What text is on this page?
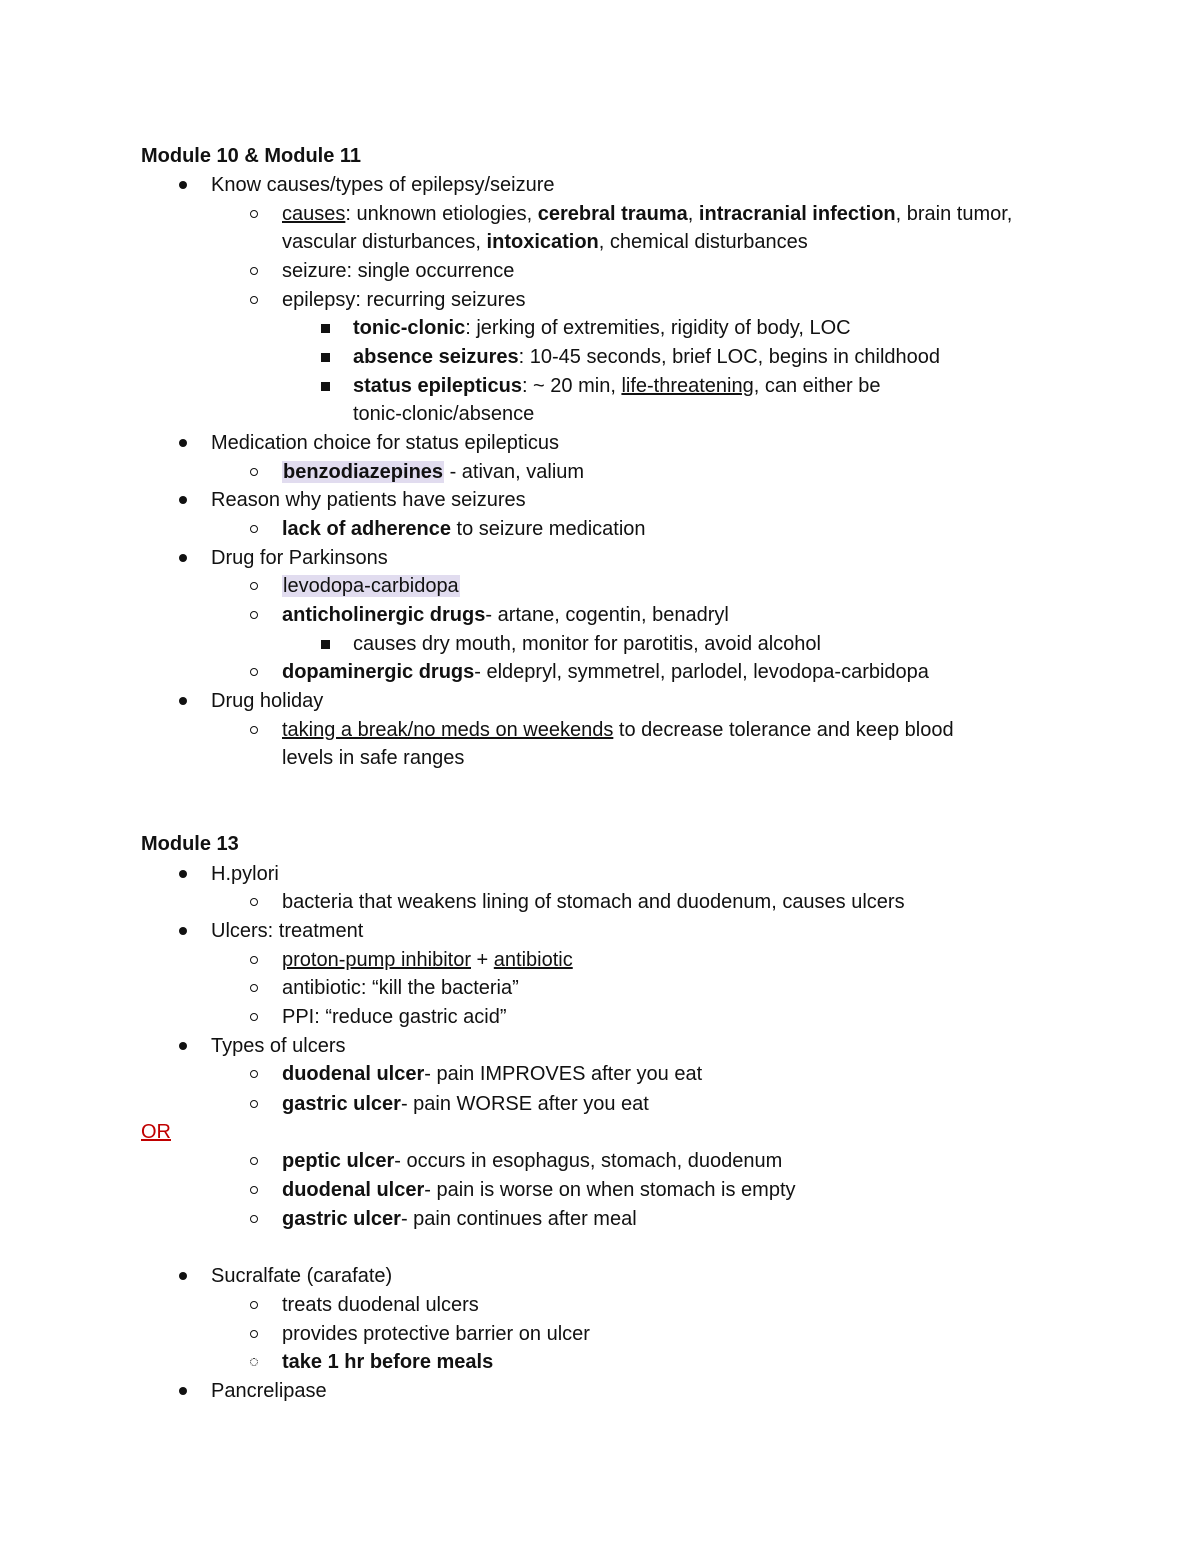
Module 10 & Module 11
Know causes/types of epilepsy/seizure
causes: unknown etiologies, cerebral trauma, intracranial infection, brain tumor,
vascular disturbances, intoxication, chemical disturbances
seizure: single occurrence
epilepsy: recurring seizures
tonic-clonic: jerking of extremities, rigidity of body, LOC
absence seizures: 10-45 seconds, brief LOC, begins in childhood
status epilepticus: ~ 20 min, life-threatening, can either be
tonic-clonic/absence
Medication choice for status epilepticus
benzodiazepines - ativan, valium
Reason why patients have seizures
lack of adherence to seizure medication
Drug for Parkinsons
levodopa-carbidopa
anticholinergic drugs- artane, cogentin, benadryl
causes dry mouth, monitor for parotitis, avoid alcohol
dopaminergic drugs- eldepryl, symmetrel, parlodel, levodopa-carbidopa
Drug holiday
taking a break/no meds on weekends to decrease tolerance and keep blood
levels in safe ranges
Module 13
H.pylori
bacteria that weakens lining of stomach and duodenum, causes ulcers
Ulcers: treatment
proton-pump inhibitor + antibiotic
antibiotic: “kill the bacteria”
PPI: “reduce gastric acid”
Types of ulcers
duodenal ulcer- pain IMPROVES after you eat
gastric ulcer- pain WORSE after you eat
OR
peptic ulcer- occurs in esophagus, stomach, duodenum
duodenal ulcer- pain is worse on when stomach is empty
gastric ulcer- pain continues after meal
Sucralfate (carafate)
treats duodenal ulcers
provides protective barrier on ulcer
take 1 hr before meals
Pancrelipase
